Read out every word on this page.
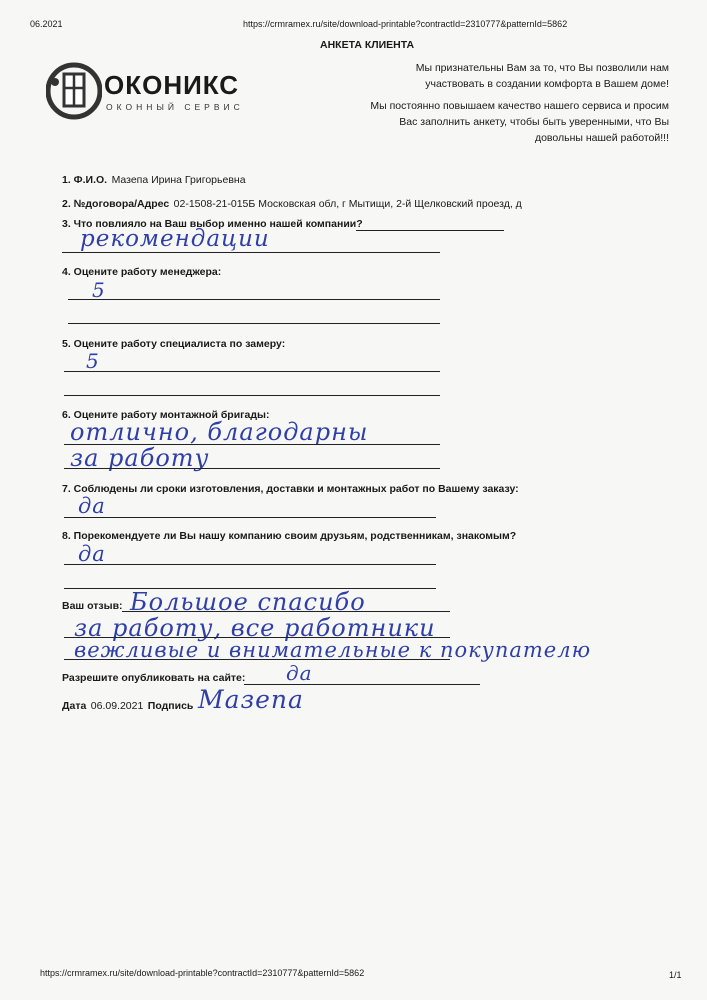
06.2021	https://crmramex.ru/site/download-printable?contractId=2310777&patternId=5862
АНКЕТА КЛИЕНТА
ОКОНИКС
ОКОННЫЙ СЕРВИС
Мы признательны Вам за то, что Вы позволили нам
участвовать в создании комфорта в Вашем доме!
Мы постоянно повышаем качество нашего сервиса и просим
Вас заполнить анкету, чтобы быть уверенными, что Вы
довольны нашей работой!!!
1. Ф.И.О. Мазепа Ирина Григорьевна
2. №договора/Адрес 02-1508-21-015Б Московская обл, г Мытищи, 2-й Щелковский проезд, д
3. Что повлияло на Ваш выбор именно нашей компании?
рекомендации
4. Оцените работу менеджера:
5
5. Оцените работу специалиста по замеру:
5
6. Оцените работу монтажной бригады:
отлично, благодарны
за работу
7. Соблюдены ли сроки изготовления, доставки и монтажных работ по Вашему заказу:
да
8. Порекомендуете ли Вы нашу компанию своим друзьям, родственникам, знакомым?
да
Ваш отзыв: Большое спасибо
за работу, все работники
вежливые и внимательные к покупателю
Разрешите опубликовать на сайте: да
Дата 06.09.2021 Подпись Мазепа
https://crmramex.ru/site/download-printable?contractId=2310777&patternId=5862	1/1
